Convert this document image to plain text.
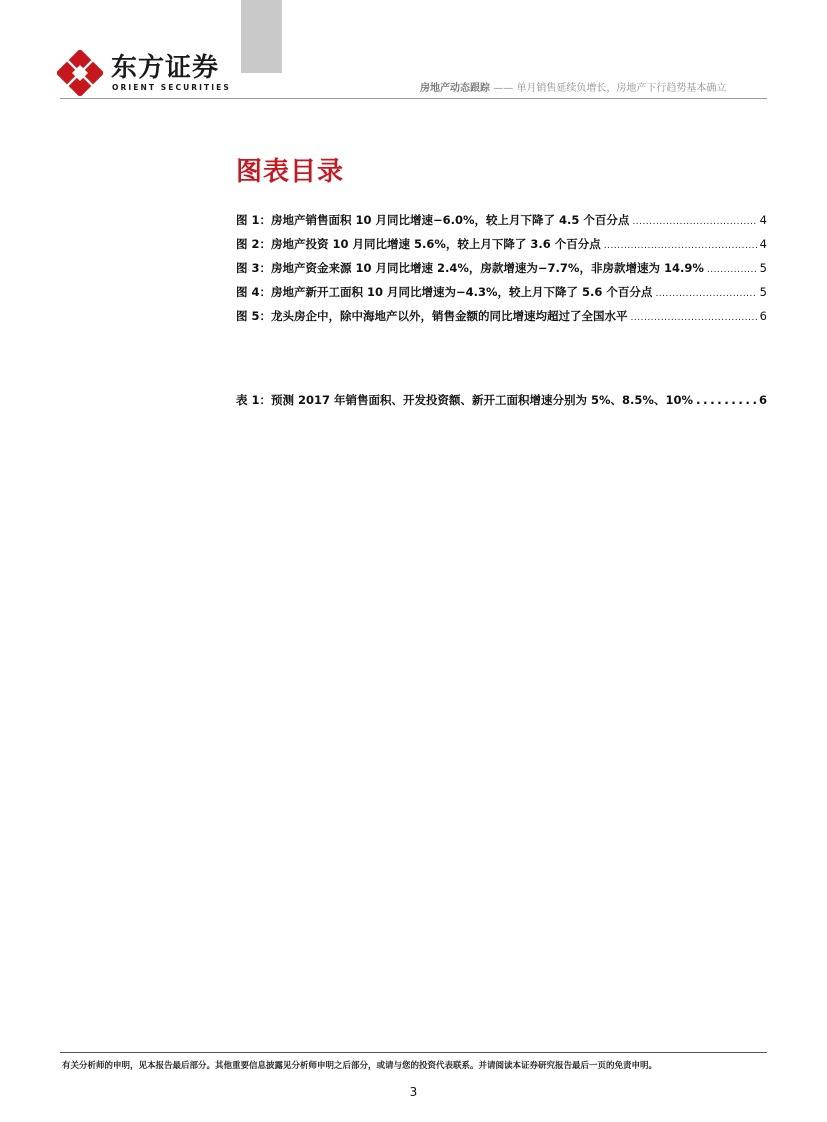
东方证券
ORIENT SECURITIES	房地产动态跟踪 —— 单月销售延续负增长，房地产下行趋势基本确立
图表目录
图 1：房地产销售面积 10 月同比增速−6.0%，较上月下降了 4.5 个百分点 .....	4
图 2：房地产投资 10 月同比增速 5.6%，较上月下降了 3.6 个百分点 .....	4
图 3：房地产资金来源 10 月同比增速 2.4%，房款增速为−7.7%，非房款增速为 14.9% .....	5
图 4：房地产新开工面积 10 月同比增速为−4.3%，较上月下降了 5.6 个百分点 .....	5
图 5：龙头房企中，除中海地产以外，销售金额的同比增速均超过了全国水平 .....	6
表 1：预测 2017 年销售面积、开发投资额、新开工面积增速分别为 5%、8.5%、10% .....	6
有关分析师的申明，见本报告最后部分。其他重要信息披露见分析师申明之后部分，或请与您的投资代表联系。并请阅读本证券研究报告最后一页的免责申明。
3
